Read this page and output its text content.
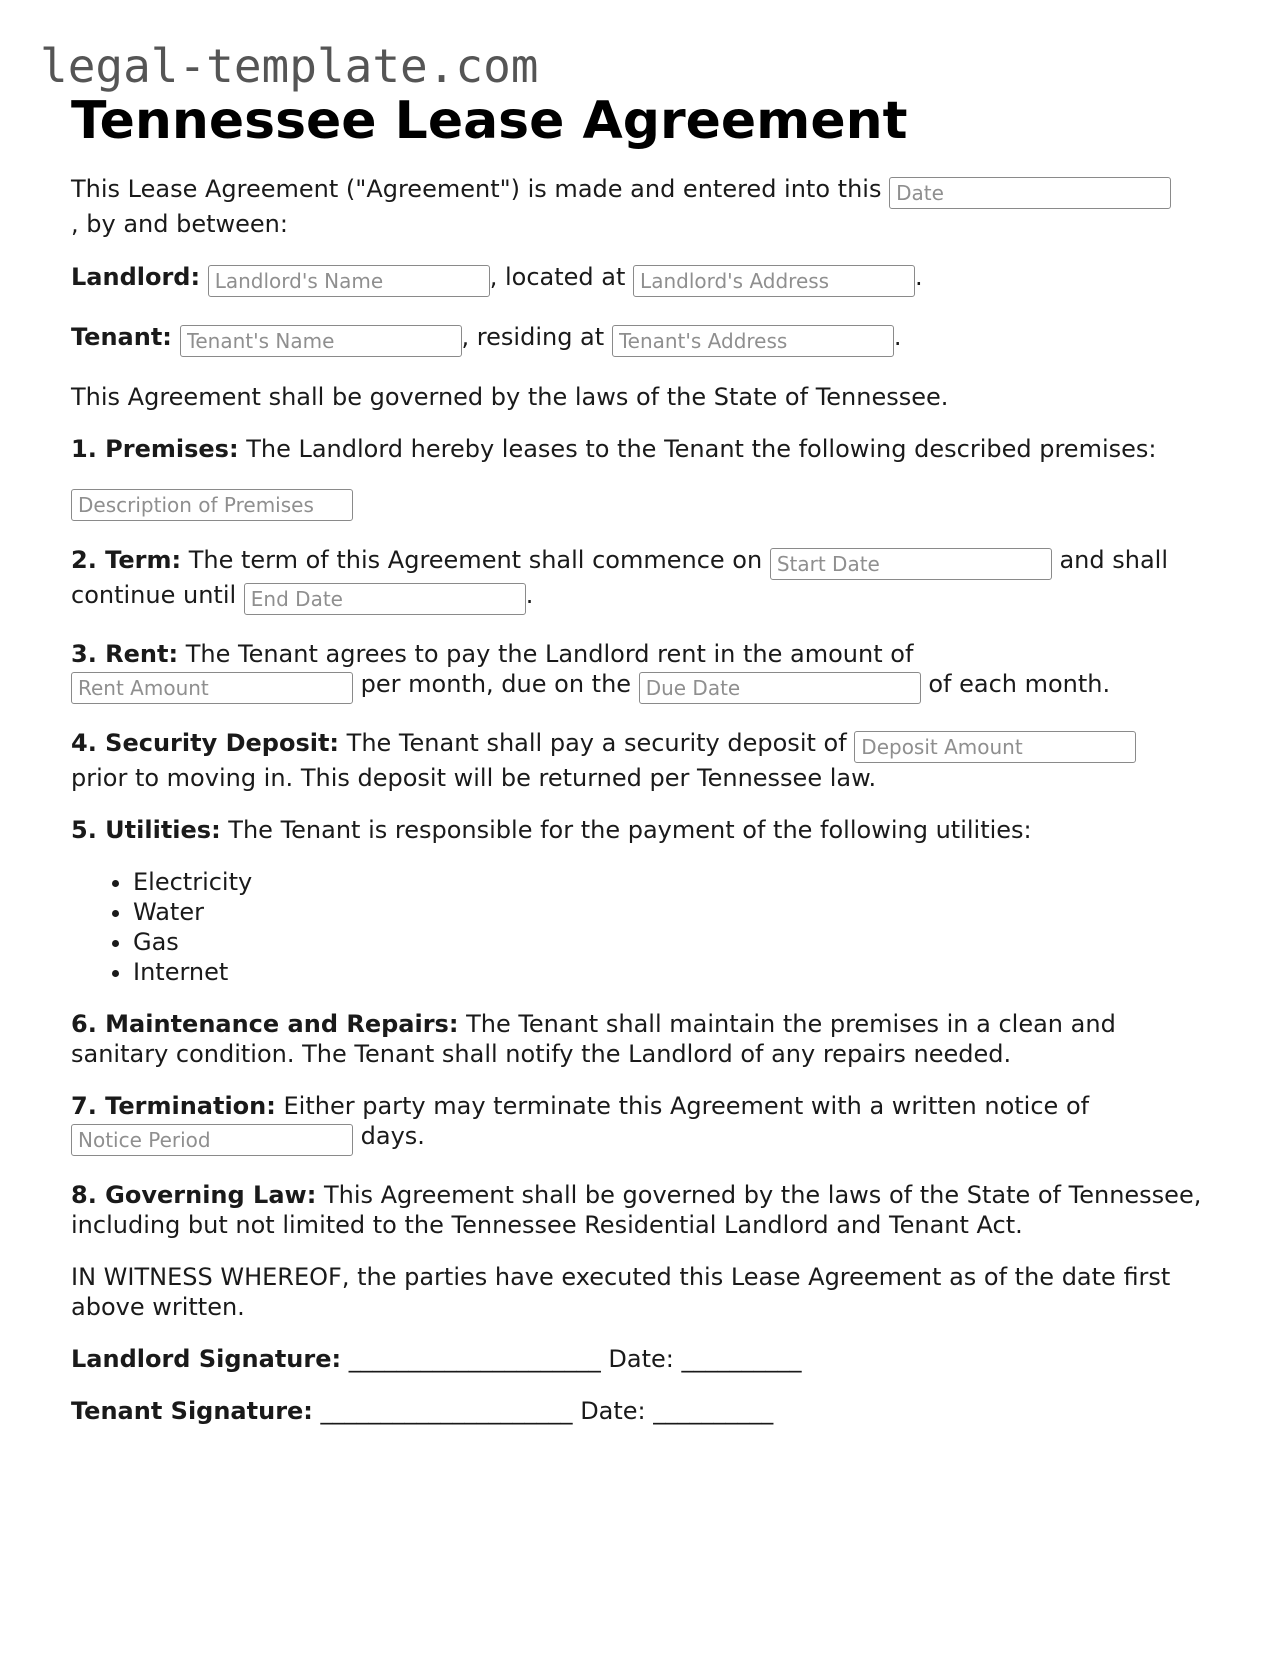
legal-template.com
Tennessee Lease Agreement

This Lease Agreement ("Agreement") is made and entered into this Date
, by and between:

Landlord: Landlord's Name	, located at Landlord's Address	.

Tenant: Tenant's Name	, residing at Tenant's Address	.

This Agreement shall be governed by the laws of the State of Tennessee.

1. Premises: The Landlord hereby leases to the Tenant the following described premises:

Description of Premises

2. Term: The term of this Agreement shall commence on Start Date	and shall continue until End Date	.

3. Rent: The Tenant agrees to pay the Landlord rent in the amount of
Rent Amount per month, due on the Due Date	of each month.

4. Security Deposit: The Tenant shall pay a security deposit of Deposit Amount
prior to moving in. This deposit will be returned per Tennessee law.

5. Utilities: The Tenant is responsible for the payment of the following utilities:

• Electricity
• Water
• Gas
• Internet

6. Maintenance and Repairs: The Tenant shall maintain the premises in a clean and sanitary condition. The Tenant shall notify the Landlord of any repairs needed.

7. Termination: Either party may terminate this Agreement with a written notice of
Notice Period days.

8. Governing Law: This Agreement shall be governed by the laws of the State of Tennessee, including but not limited to the Tennessee Residential Landlord and Tenant Act.

IN WITNESS WHEREOF, the parties have executed this Lease Agreement as of the date first above written.

Landlord Signature: _____________________ Date: __________

Tenant Signature: _____________________ Date: __________
